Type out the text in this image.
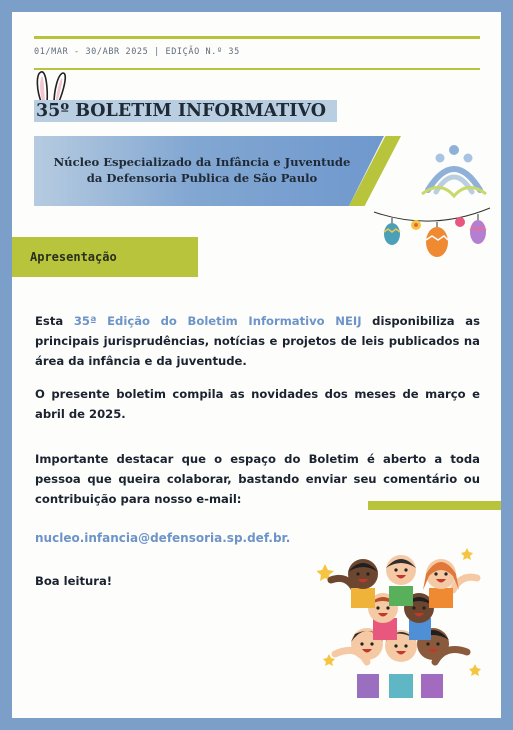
01/MAR - 30/ABR 2025 | EDIÇÃO N.º 35
35º BOLETIM INFORMATIVO
Núcleo Especializado da Infância e Juventude
da Defensoria Publica de São Paulo
Apresentação

Esta 35ª Edição do Boletim Informativo NEIJ disponibiliza as principais jurisprudências, notícias e projetos de leis publicados na área da infância e da juventude.

O presente boletim compila as novidades dos meses de março e abril de 2025.

Importante destacar que o espaço do Boletim é aberto a toda pessoa que queira colaborar, bastando enviar seu comentário ou contribuição para nosso e-mail:

nucleo.infancia@defensoria.sp.def.br.
Boa leitura!
